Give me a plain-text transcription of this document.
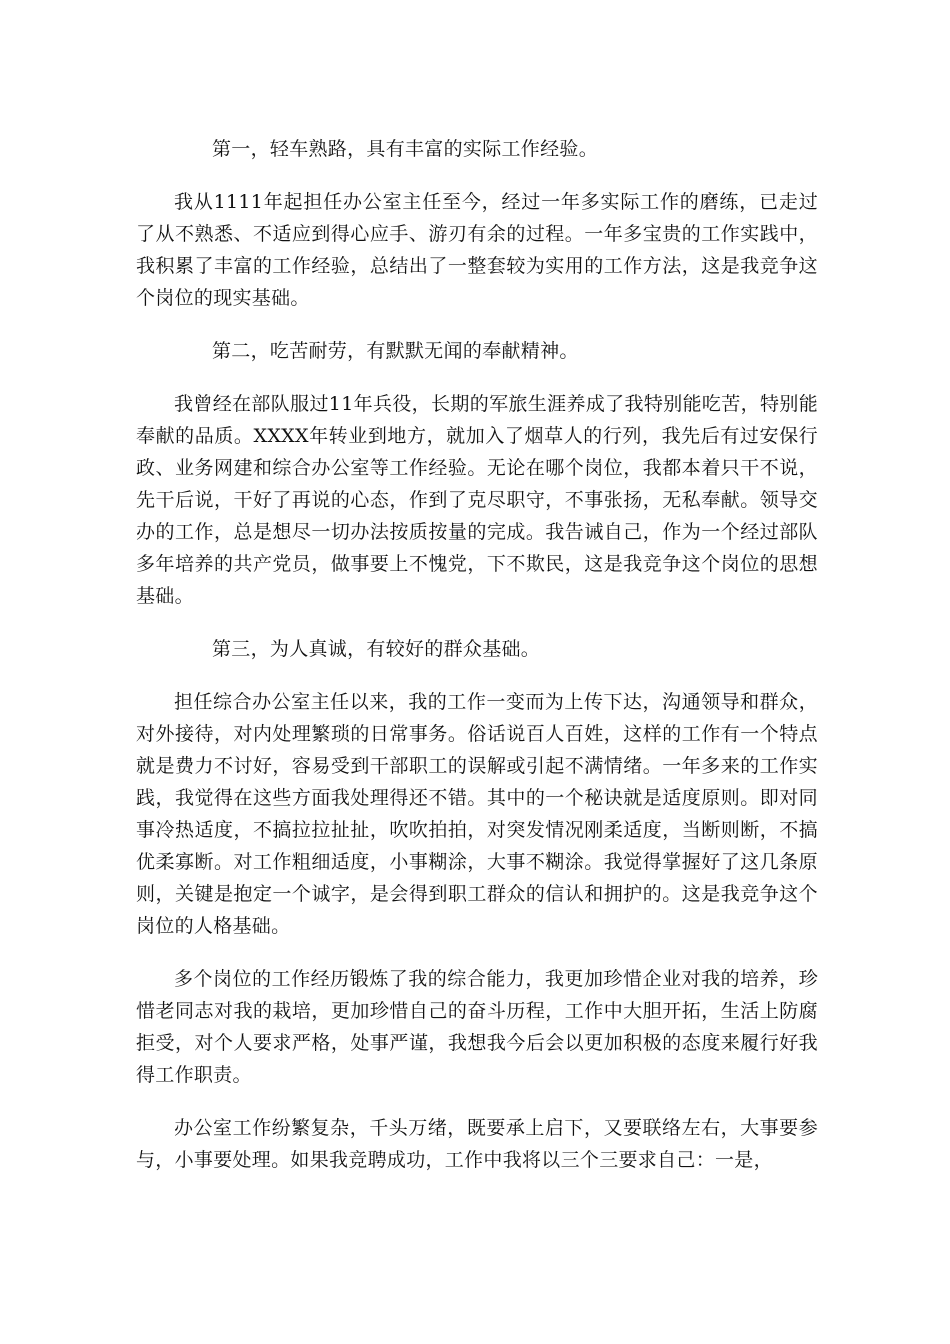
第一，轻车熟路，具有丰富的实际工作经验。

我从1111年起担任办公室主任至今，经过一年多实际工作的磨练，已走过了从不熟悉、不适应到得心应手、游刃有余的过程。一年多宝贵的工作实践中，我积累了丰富的工作经验，总结出了一整套较为实用的工作方法，这是我竞争这个岗位的现实基础。

第二，吃苦耐劳，有默默无闻的奉献精神。

我曾经在部队服过11年兵役，长期的军旅生涯养成了我特别能吃苦，特别能奉献的品质。XXXX年转业到地方，就加入了烟草人的行列，我先后有过安保行政、业务网建和综合办公室等工作经验。无论在哪个岗位，我都本着只干不说，先干后说，干好了再说的心态，作到了克尽职守，不事张扬，无私奉献。领导交办的工作，总是想尽一切办法按质按量的完成。我告诫自己，作为一个经过部队多年培养的共产党员，做事要上不愧党，下不欺民，这是我竞争这个岗位的思想基础。

第三，为人真诚，有较好的群众基础。

担任综合办公室主任以来，我的工作一变而为上传下达，沟通领导和群众，对外接待，对内处理繁琐的日常事务。俗话说百人百姓，这样的工作有一个特点就是费力不讨好，容易受到干部职工的误解或引起不满情绪。一年多来的工作实践，我觉得在这些方面我处理得还不错。其中的一个秘诀就是适度原则。即对同事冷热适度，不搞拉拉扯扯，吹吹拍拍，对突发情况刚柔适度，当断则断，不搞优柔寡断。对工作粗细适度，小事糊涂，大事不糊涂。我觉得掌握好了这几条原则，关键是抱定一个诚字，是会得到职工群众的信认和拥护的。这是我竞争这个岗位的人格基础。

多个岗位的工作经历锻炼了我的综合能力，我更加珍惜企业对我的培养，珍惜老同志对我的栽培，更加珍惜自己的奋斗历程，工作中大胆开拓，生活上防腐拒受，对个人要求严格，处事严谨，我想我今后会以更加积极的态度来履行好我得工作职责。

办公室工作纷繁复杂，千头万绪，既要承上启下，又要联络左右，大事要参与，小事要处理。如果我竞聘成功，工作中我将以三个三要求自己：一是，
